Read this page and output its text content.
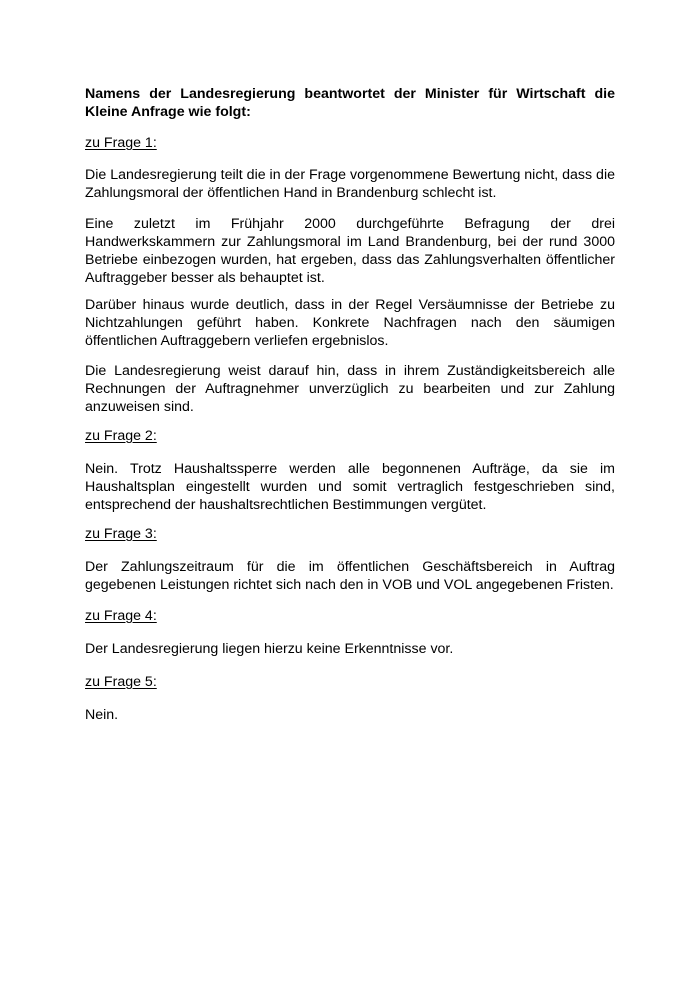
Namens der Landesregierung beantwortet der Minister für Wirtschaft die Kleine Anfrage wie folgt:

zu Frage 1:

Die Landesregierung teilt die in der Frage vorgenommene Bewertung nicht, dass die Zahlungsmoral der öffentlichen Hand in Brandenburg schlecht ist.

Eine zuletzt im Frühjahr 2000 durchgeführte Befragung der drei Handwerkskammern zur Zahlungsmoral im Land Brandenburg, bei der rund 3000 Betriebe einbezogen wurden, hat ergeben, dass das Zahlungsverhalten öffentlicher Auftraggeber besser als behauptet ist.

Darüber hinaus wurde deutlich, dass in der Regel Versäumnisse der Betriebe zu Nichtzahlungen geführt haben. Konkrete Nachfragen nach den säumigen öffentlichen Auftraggebern verliefen ergebnislos.

Die Landesregierung weist darauf hin, dass in ihrem Zuständigkeitsbereich alle Rechnungen der Auftragnehmer unverzüglich zu bearbeiten und zur Zahlung anzuweisen sind.

zu Frage 2:

Nein. Trotz Haushaltssperre werden alle begonnenen Aufträge, da sie im Haushaltsplan eingestellt wurden und somit vertraglich festgeschrieben sind, entsprechend der haushaltsrechtlichen Bestimmungen vergütet.

zu Frage 3:

Der Zahlungszeitraum für die im öffentlichen Geschäftsbereich in Auftrag gegebenen Leistungen richtet sich nach den in VOB und VOL angegebenen Fristen.

zu Frage 4:

Der Landesregierung liegen hierzu keine Erkenntnisse vor.

zu Frage 5:

Nein.
